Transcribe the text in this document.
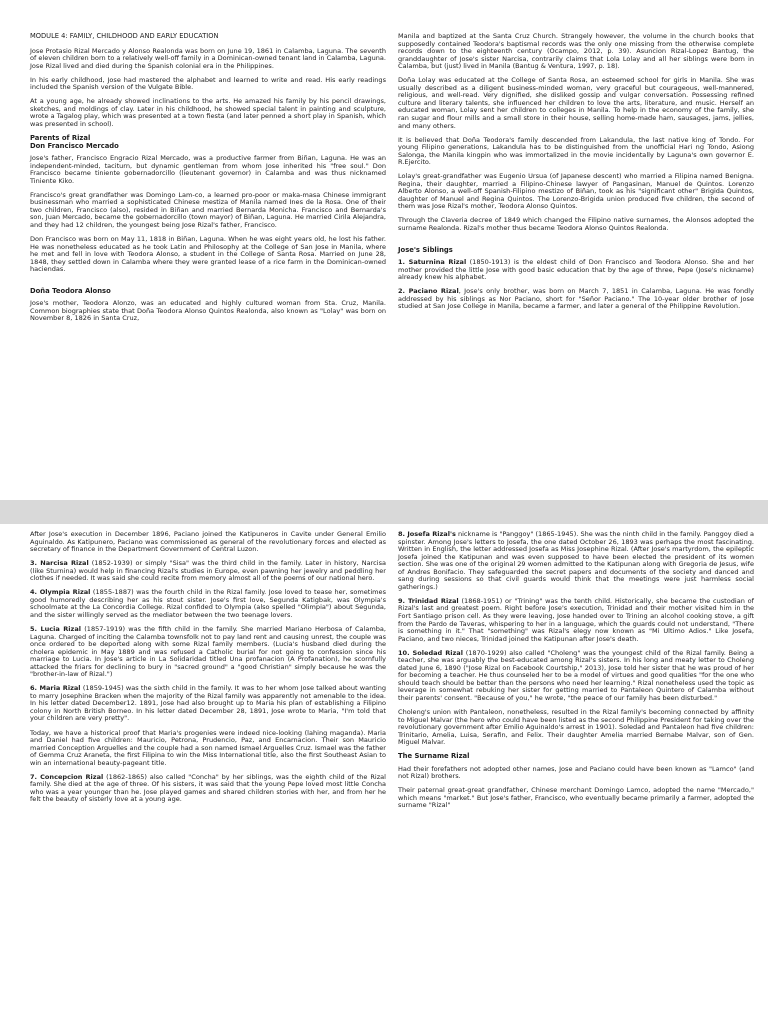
MODULE 4: FAMILY, CHILDHOOD AND EARLY EDUCATION

Jose Protasio Rizal Mercado y Alonso Realonda was born on June 19, 1861 in Calamba, Laguna. The seventh of eleven children born to a relatively well-off family in a Dominican-owned tenant land in Calamba, Laguna. Jose Rizal lived and died during the Spanish colonial era in the Philippines.

In his early childhood, Jose had mastered the alphabet and learned to write and read. His early readings included the Spanish version of the Vulgate Bible.

At a young age, he already showed inclinations to the arts. He amazed his family by his pencil drawings, sketches, and moldings of clay. Later in his childhood, he showed special talent in painting and sculpture, wrote a Tagalog play, which was presented at a town fiesta (and later penned a short play in Spanish, which was presented in school).

Parents of Rizal
Don Francisco Mercado

Jose's father, Francisco Engracio Rizal Mercado, was a productive farmer from Biñan, Laguna. He was an independent-minded, taciturn, but dynamic gentleman from whom Jose inherited his "free soul." Don Francisco became tiniente gobernadorcillo (lieutenant governor) in Calamba and was thus nicknamed Tiniente Kiko.

Francisco's great grandfather was Domingo Lam-co, a learned pro-poor or maka-masa Chinese immigrant businessman who married a sophisticated Chinese mestiza of Manila named Ines de la Rosa. One of their two children, Francisco (also), resided in Biñan and married Bernarda Monicha. Francisco and Bernarda's son, Juan Mercado, became the gobernadorcillo (town mayor) of Biñan, Laguna. He married Cirila Alejandra, and they had 12 children, the youngest being Jose Rizal's father, Francisco.

Don Francisco was born on May 11, 1818 in Biñan, Laguna. When he was eight years old, he lost his father. He was nonetheless educated as he took Latin and Philosophy at the College of San Jose in Manila, where he met and fell in love with Teodora Alonso, a student in the College of Santa Rosa. Married on June 28, 1848, they settled down in Calamba where they were granted lease of a rice farm in the Dominican-owned haciendas.

Doña Teodora Alonso

Jose's mother, Teodora Alonzo, was an educated and highly cultured woman from Sta. Cruz, Manila. Common biographies state that Doña Teodora Alonso Quintos Realonda, also known as "Lolay" was born on November 8, 1826 in Santa Cruz,

Manila and baptized at the Santa Cruz Church. Strangely however, the volume in the church books that supposedly contained Teodora's baptismal records was the only one missing from the otherwise complete records down to the eighteenth century (Ocampo, 2012, p. 39). Asuncion Rizal-Lopez Bantug, the granddaughter of Jose's sister Narcisa, contrarily claims that Lola Lolay and all her siblings were born in Calamba, but (just) lived in Manila (Bantug & Ventura, 1997, p. 18).

Doña Lolay was educated at the College of Santa Rosa, an esteemed school for girls in Manila. She was usually described as a diligent business-minded woman, very graceful but courageous, well-mannered, religious, and well-read. Very dignified, she disliked gossip and vulgar conversation. Possessing refined culture and literary talents, she influenced her children to love the arts, literature, and music. Herself an educated woman, Lolay sent her children to colleges in Manila. To help in the economy of the family, she ran sugar and flour mills and a small store in their house, selling home-made ham, sausages, jams, jellies, and many others.

It is believed that Doña Teodora's family descended from Lakandula, the last native king of Tondo. For young Filipino generations, Lakandula has to be distinguished from the unofficial Hari ng Tondo, Asiong Salonga, the Manila kingpin who was immortalized in the movie incidentally by Laguna's own governor E. R.Ejercito.

Lolay's great-grandfather was Eugenio Ursua (of Japanese descent) who married a Filipina named Benigna. Regina, their daughter, married a Filipino-Chinese lawyer of Pangasinan, Manuel de Quintos. Lorenzo Alberto Alonso, a well-off Spanish-Filipino mestizo of Biñan, took as his "significant other" Brigida Quintos, daughter of Manuel and Regina Quintos. The Lorenzo-Brigida union produced five children, the second of them was Jose Rizal's mother, Teodora Alonso Quintos.

Through the Claveria decree of 1849 which changed the Filipino native surnames, the Alonsos adopted the surname Realonda. Rizal's mother thus became Teodora Alonso Quintos Realonda.

Jose's Siblings

1. Saturnina Rizal (1850-1913) is the eldest child of Don Francisco and Teodora Alonso. She and her mother provided the little Jose with good basic education that by the age of three, Pepe (Jose's nickname) already knew his alphabet.

2. Paciano Rizal, Jose's only brother, was born on March 7, 1851 in Calamba, Laguna. He was fondly addressed by his siblings as Nor Paciano, short for "Señor Paciano." The 10-year older brother of Jose studied at San Jose College in Manila, became a farmer, and later a general of the Philippine Revolution.

After Jose's execution in December 1896, Paciano joined the Katipuneros in Cavite under General Emilio Aguinaldo. As Katipunero, Paciano was commissioned as general of the revolutionary forces and elected as secretary of finance in the Department Government of Central Luzon.

3. Narcisa Rizal (1852-1939) or simply "Sisa" was the third child in the family. Later in history, Narcisa (like Sturnina) would help in financing Rizal's studies in Europe, even pawning her jewelry and peddling her clothes if needed. It was said she could recite from memory almost all of the poems of our national hero.

4. Olympia Rizal (1855-1887) was the fourth child in the Rizal family. Jose loved to tease her, sometimes good humoredly describing her as his stout sister. Jose's first love, Segunda Katigbak, was Olympia's schoolmate at the La Concordia College. Rizal confided to Olympia (also spelled "Olimpia") about Segunda, and the sister willingly served as the mediator between the two teenage lovers.

5. Lucia Rizal (1857-1919) was the fifth child in the family. She married Mariano Herbosa of Calamba, Laguna. Charged of inciting the Calamba townsfolk not to pay land rent and causing unrest, the couple was once ordered to be deported along with some Rizal family members. (Lucia's husband died during the cholera epidemic in May 1889 and was refused a Catholic burial for not going to confession since his marriage to Lucia. In Jose's article in La Solidaridad titled Una profanacion (A Profanation), he scornfully attacked the friars for declining to bury in "sacred ground" a "good Christian" simply because he was the "brother-in-law of Rizal.")

6. Maria Rizal (1859-1945) was the sixth child in the family. It was to her whom Jose talked about wanting to marry Josephine Bracken when the majority of the Rizal family was apparently not amenable to the idea. In his letter dated December12. 1891, Jose had also brought up to Maria his plan of establishing a Filipino colony in North British Borneo. In his letter dated December 28, 1891, Jose wrote to Maria, "I'm told that your children are very pretty".

Today, we have a historical proof that Maria's progenies were indeed nice-looking (lahing maganda). Maria and Daniel had five children: Mauricio, Petrona, Prudencio, Paz, and Encarnacion. Their son Mauricio married Conception Arguelles and the couple had a son named Ismael Arguelles Cruz. Ismael was the father of Gemma Cruz Araneta, the first Filipina to win the Miss International title, also the first Southeast Asian to win an international beauty-pageant title.

7. Concepcion Rizal (1862-1865) also called "Concha" by her siblings, was the eighth child of the Rizal family. She died at the age of three. Of his sisters, it was said that the young Pepe loved most little Concha who was a year younger than he. Jose played games and shared children stories with her, and from her he felt the beauty of sisterly love at a young age.

8. Josefa Rizal's nickname is "Panggoy" (1865-1945). She was the ninth child in the family. Panggoy died a spinster. Among Jose's letters to Josefa, the one dated October 26, 1893 was perhaps the most fascinating. Written in English, the letter addressed Josefa as Miss Josephine Rizal. (After Jose's martyrdom, the epileptic Josefa joined the Katipunan and was even supposed to have been elected the president of its women section. She was one of the original 29 women admitted to the Katipunan along with Gregoria de Jesus, wife of Andres Bonifacio. They safeguarded the secret papers and documents of the society and danced and sang during sessions so that civil guards would think that the meetings were just harmless social gatherings.)

9. Trinidad Rizal (1868-1951) or "Trining" was the tenth child. Historically, she became the custodian of Rizal's last and greatest poem. Right before Jose's execution, Trinidad and their mother visited him in the Fort Santiago prison cell. As they were leaving, Jose handed over to Trining an alcohol cooking stove, a gift from the Pardo de Taveras, whispering to her in a language, which the guards could not understand, "There is something in it." That "something" was Rizal's elegy now known as "Mi Ultimo Adios." Like Josefa, Paciano, and two nieces, Trinidad joined the Katipunan after Jose's death.

10. Soledad Rizal (1870-1929) also called "Choleng" was the youngest child of the Rizal family. Being a teacher, she was arguably the best-educated among Rizal's sisters. In his long and meaty letter to Choleng dated June 6, 1890 ("Jose Rizal on Facebook Courtship," 2013), Jose told her sister that he was proud of her for becoming a teacher. He thus counseled her to be a model of virtues and good qualities "for the one who should teach should be better than the persons who need her learning." Rizal nonetheless used the topic as leverage in somewhat rebuking her sister for getting married to Pantaleon Quintero of Calamba without their parents' consent. "Because of you," he wrote, "the peace of our family has been disturbed."

Choleng's union with Pantaleon, nonetheless, resulted in the Rizal family's becoming connected by affinity to Miguel Malvar (the hero who could have been listed as the second Philippine President for taking over the revolutionary government after Emilio Aguinaldo's arrest in 1901). Soledad and Pantaleon had five children: Trinitario, Amelia, Luisa, Serafin, and Felix. Their daughter Amelia married Bernabe Malvar, son of Gen. Miguel Malvar.

The Surname Rizal

Had their forefathers not adopted other names, Jose and Paciano could have been known as "Lamco" (and not Rizal) brothers.

Their paternal great-great grandfather, Chinese merchant Domingo Lamco, adopted the name "Mercado," which means "market." But Jose's father, Francisco, who eventually became primarily a farmer, adopted the surname "Rizal"
